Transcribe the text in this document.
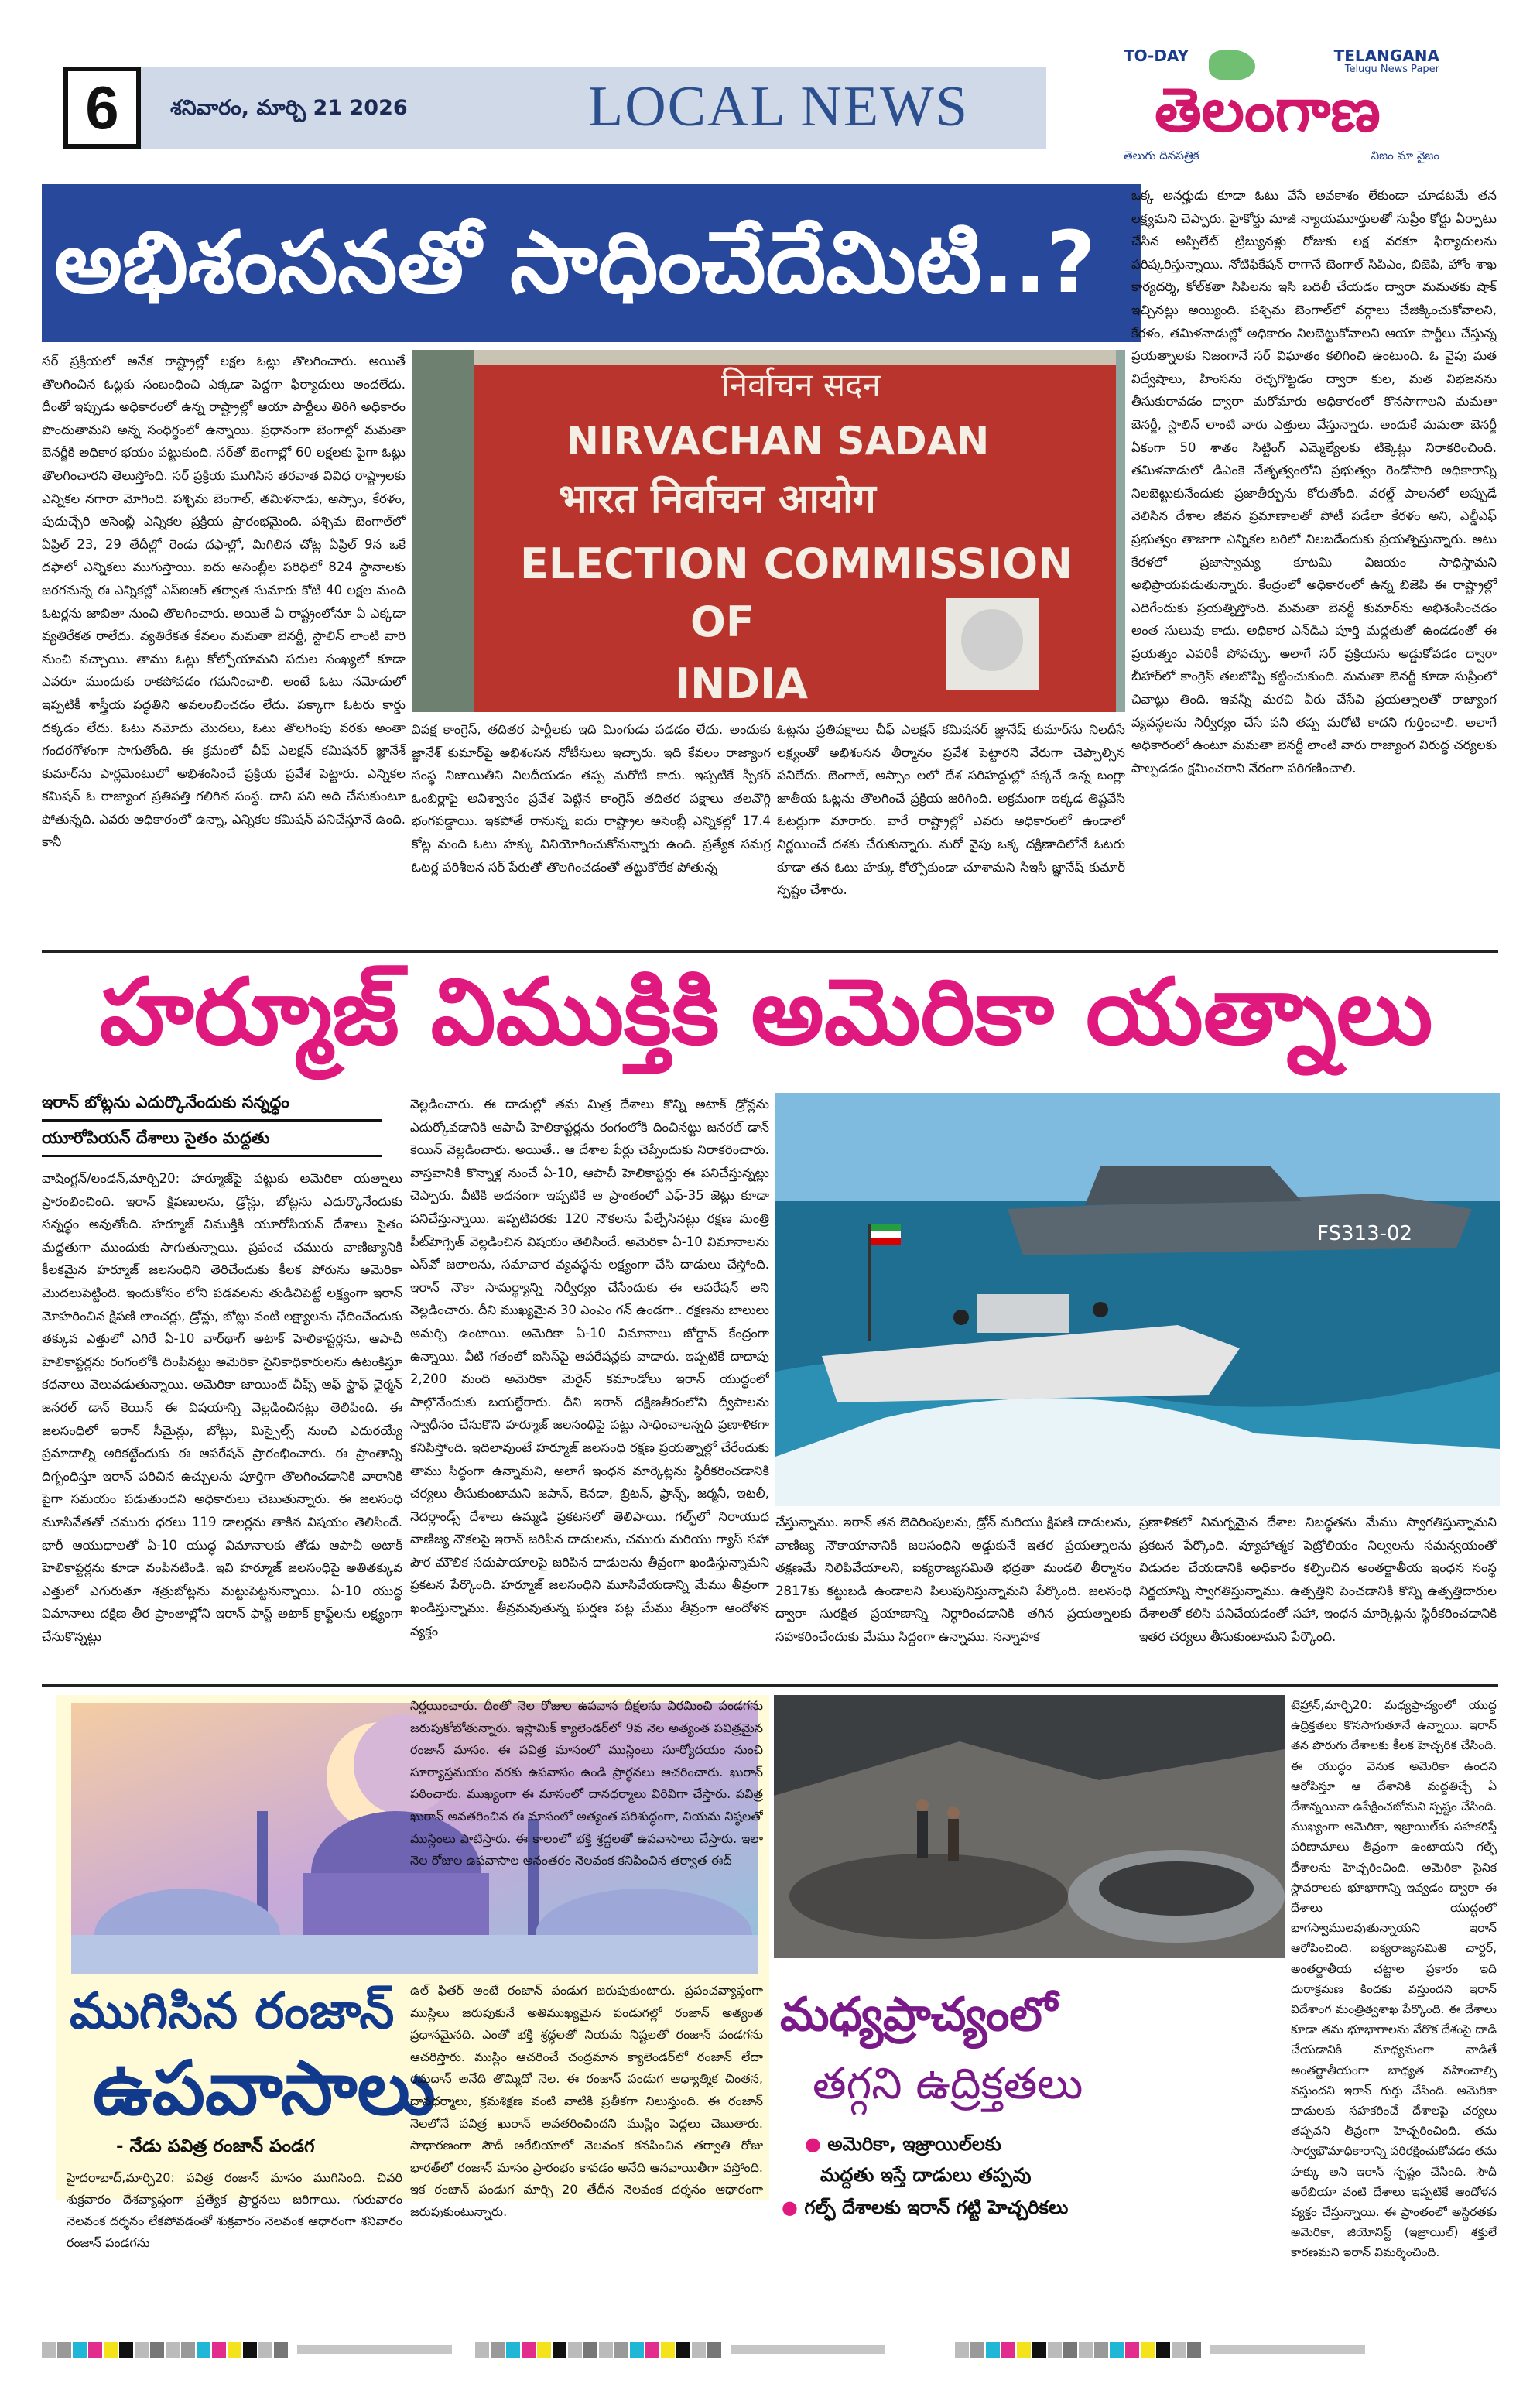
6	శనివారం, మార్చి 21 2026	LOCAL NEWS
TO-DAY	TELANGANA
Telugu News Paper
తెలంగాణ
తెలుగు దినపత్రిక	నిజం మా నైజం
అభిశంసనతో సాధించేదేమిటి..?
సర్ ప్రక్రియలో అనేక రాష్ట్రాల్లో లక్షల ఓట్లు తొలగించారు. అయితే తొలగించిన ఓట్లకు సంబంధించి ఎక్కడా పెద్దగా ఫిర్యాదులు అందలేదు. దీంతో ఇప్పుడు అధికారంలో ఉన్న రాష్ట్రాల్లో ఆయా పార్టీలు తిరిగి అధికారం పొందుతామని అన్న సంధిగ్ధంలో ఉన్నాయి. ప్రధానంగా బెంగాల్లో మమతా బెనర్జీకి అధికార భయం పట్టుకుంది. సర్‌తో బెంగాల్లో 60 లక్షలకు పైగా ఓట్లు తొలగించారని తెలుస్తోంది. సర్ ప్రక్రియ ముగిసిన తరవాత వివిధ రాష్ట్రాలకు ఎన్నికల నగారా మోగింది. పశ్చిమ బెంగాల్, తమిళనాడు, అస్సాం, కేరళం, పుదుచ్చేరి అసెంబ్లీ ఎన్నికల ప్రక్రియ ప్రారంభమైంది. పశ్చిమ బెంగాల్‌లో ఏప్రిల్ 23, 29 తేదీల్లో రెండు దఫాల్లో, మిగిలిన చోట్ల ఏప్రిల్ 9న ఒకే దఫాలో ఎన్నికలు ముగుస్తాయి. ఐదు అసెంబ్లీల పరిధిలో 824 స్థానాలకు జరగనున్న ఈ ఎన్నికల్లో ఎస్‌ఐఆర్ తర్వాత సుమారు కోటి 40 లక్షల మంది ఓటర్లను జాబితా నుంచి తొలగించారు. అయితే ఏ రాష్ట్రంలోనూ ఏ ఎక్కడా వ్యతిరేకత రాలేదు. వ్యతిరేకత కేవలం మమతా బెనర్జీ, స్టాలిన్ లాంటి వారి నుంచి వచ్చాయి. తాము ఓట్లు కోల్పోయామని పదుల సంఖ్యలో కూడా ఎవరూ ముందుకు రాకపోవడం గమనించాలి. అంటే ఓటు నమోదులో ఇప్పటికీ శాస్త్రీయ పద్ధతిని అవలంబించడం లేదు. పక్కాగా ఓటరు కార్డు దక్కడం లేదు. ఓటు నమోదు మొదలు, ఓటు తొలగింపు వరకు అంతా గందరగోళంగా సాగుతోంది. ఈ క్రమంలో చీఫ్ ఎలక్షన్ కమిషనర్ జ్ఞానేశ్ కుమార్‌ను పార్లమెంటులో అభిశంసించే ప్రక్రియ ప్రవేశ పెట్టారు. ఎన్నికల కమిషన్ ఓ రాజ్యాంగ ప్రతిపత్తి గలిగిన సంస్థ. దాని పని అది చేసుకుంటూ పోతున్నది. ఎవరు అధికారంలో ఉన్నా, ఎన్నికల కమిషన్ పనిచేస్తూనే ఉంది. కానీ
निर्वाचन सदन
NIRVACHAN SADAN
भारत निर्वाचन आयोग
ELECTION COMMISSION
OF
INDIA
విపక్ష కాంగ్రెస్, తదితర పార్టీలకు ఇది మింగుడు పడడం లేదు. అందుకు జ్ఞానేశ్ కుమార్‌పై అభిశంసన నోటీసులు ఇచ్చారు. ఇది కేవలం రాజ్యాంగ సంస్థ నిజాయితీని నిలదీయడం తప్ప మరోటి కాదు. ఇప్పటికే స్పీకర్ ఓంబిర్లాపై అవిశ్వాసం ప్రవేశ పెట్టిన కాంగ్రెస్ తదితర పక్షాలు తలవొగ్గి భంగపడ్డాయి. ఇకపోతే రానున్న ఐదు రాష్ట్రాల అసెంబ్లీ ఎన్నికల్లో 17.4 కోట్ల మంది ఓటు హక్కు వినియోగించుకోనున్నారు ఉంది. ప్రత్యేక సమగ్ర ఓటర్ల పరిశీలన సర్ పేరుతో తొలగించడంతో తట్టుకోలేక పోతున్న
ఓట్లను ప్రతిపక్షాలు చీఫ్ ఎలక్షన్ కమిషనర్ జ్ఞానేష్ కుమార్‌ను నిలదీసే లక్ష్యంతో అభిశంసన తీర్మానం ప్రవేశ పెట్టారని వేరుగా చెప్పాల్సిన పనిలేదు. బెంగాల్, అస్సాం లలో దేశ సరిహద్దుల్లో పక్కనే ఉన్న బంగ్లా జాతీయ ఓట్లను తొలగించే ప్రక్రియ జరిగింది. అక్రమంగా ఇక్కడ తిష్టవేసి ఓటర్లుగా మారారు. వారే రాష్ట్రాల్లో ఎవరు అధికారంలో ఉండాలో నిర్ణయించే దశకు చేరుకున్నారు. మరో వైపు ఒక్క దక్షిణాదిలోనే ఓటరు కూడా తన ఓటు హక్కు కోల్పోకుండా చూశామని సిఇసి జ్ఞానేష్ కుమార్ స్పష్టం చేశారు.
ఒక్క అనర్హుడు కూడా ఓటు వేసే అవకాశం లేకుండా చూడటమే తన లక్ష్యమని చెప్పారు. హైకోర్టు మాజీ న్యాయమూర్తులతో సుప్రీం కోర్టు ఏర్పాటు చేసిన అప్పిలేట్ ట్రిబ్యునళ్లు రోజుకు లక్ష వరకూ ఫిర్యాదులను పరిష్కరిస్తున్నాయి. నోటిఫికేషన్ రాగానే బెంగాల్ సిపిఎం, బిజెపి, హోం శాఖ కార్యదర్శి, కోల్‌కతా సిపిలను ఇసి బదిలీ చేయడం ద్వారా మమతకు షాక్ ఇచ్చినట్లు అయ్యింది. పశ్చిమ బెంగాల్‌లో వర్గాలు చేజిక్కించుకోవాలని, కేరళం, తమిళనాడుల్లో అధికారం నిలబెట్టుకోవాలని ఆయా పార్టీలు చేస్తున్న ప్రయత్నాలకు నిజంగానే సర్ విఘాతం కలిగించి ఉంటుంది. ఓ వైపు మత విద్వేషాలు, హింసను రెచ్చగొట్టడం ద్వారా కుల, మత విభజనను తీసుకురావడం ద్వారా మరోమారు అధికారంలో కొనసాగాలని మమతా బెనర్జీ, స్టాలిన్ లాంటి వారు ఎత్తులు వేస్తున్నారు. అందుకే మమతా బెనర్జీ ఏకంగా 50 శాతం సిట్టింగ్ ఎమ్మెల్యేలకు టిక్కెట్లు నిరాకరించింది. తమిళనాడులో డిఎంకె నేతృత్వంలోని ప్రభుత్వం రెండోసారి అధికారాన్ని నిలబెట్టుకునేందుకు ప్రజాతీర్పును కోరుతోంది. వరల్డ్ పాలనలో అప్పుడే వెలిసిన దేశాల జీవన ప్రమాణాలతో పోటీ పడేలా కేరళం అని, ఎల్డీఎఫ్ ప్రభుత్వం తాజాగా ఎన్నికల బరిలో నిలబడేందుకు ప్రయత్నిస్తున్నారు. అటు కేరళలో ప్రజాస్వామ్య కూటమి విజయం సాధిస్తామని అభిప్రాయపడుతున్నారు. కేంద్రంలో అధికారంలో ఉన్న బిజెపి ఈ రాష్ట్రాల్లో ఎదిగేందుకు ప్రయత్నిస్తోంది. మమతా బెనర్జీ కుమార్‌ను అభిశంసించడం అంత సులువు కాదు. అధికార ఎన్‌డిఎ పూర్తి మద్దతుతో ఉండడంతో ఈ ప్రయత్నం ఎవరికీ పోవచ్చు. అలాగే సర్ ప్రక్రియను అడ్డుకోవడం ద్వారా బీహార్‌లో కాంగ్రెస్ తలబొప్పి కట్టించుకుంది. మమతా బెనర్జీ కూడా సుప్రీంలో చివాట్లు తింది. ఇవన్నీ మరచి వీరు చేసేవి ప్రయత్నాలతో రాజ్యాంగ వ్యవస్థలను నిర్వీర్యం చేసే పని తప్ప మరోటి కాదని గుర్తించాలి. అలాగే అధికారంలో ఉంటూ మమతా బెనర్జీ లాంటి వారు రాజ్యాంగ విరుద్ధ చర్యలకు పాల్పడడం క్షమించరాని నేరంగా పరిగణించాలి.
హర్మూజ్ విముక్తికి అమెరికా యత్నాలు
ఇరాన్ బోట్లను ఎదుర్కొనేందుకు సన్నద్ధం
యూరోపియన్ దేశాలు సైతం మద్దతు
వాషింగ్టన్/లండన్,మార్చి20: హర్మూజ్‌పై పట్టుకు అమెరికా యత్నాలు ప్రారంభించింది. ఇరాన్ క్షిపణులను, డ్రోన్లు, బోట్లను ఎదుర్కొనేందుకు సన్నద్ధం అవుతోంది. హర్మూజ్ విముక్తికి యూరోపియన్ దేశాలు సైతం మద్దతుగా ముందుకు సాగుతున్నాయి. ప్రపంచ చమురు వాణిజ్యానికి కీలకమైన హర్మూజ్ జలసంధిని తెరిచేందుకు కీలక పోరును అమెరికా మొదలుపెట్టింది. ఇందుకోసం లోని పడవలను తుడిచిపెట్టే లక్ష్యంగా ఇరాన్ మోహరించిన క్షిపణి లాంచర్లు, డ్రోన్లు, బోట్లు వంటి లక్ష్యాలను ఛేదించేందుకు తక్కువ ఎత్తులో ఎగిరే ఏ-10 వార్‌థాగ్ అటాక్ హెలికాప్టర్లను, ఆపాచీ హెలికాప్టర్లను రంగంలోకి దింపినట్టు అమెరికా సైనికాధికారులను ఉటంకిస్తూ కథనాలు వెలువడుతున్నాయి. అమెరికా జాయింట్ చీఫ్స్ ఆఫ్ స్టాఫ్ ఛైర్మన్ జనరల్ డాన్ కెయిన్ ఈ విషయాన్ని వెల్లడించినట్లు తెలిపింది. ఈ జలసంధిలో ఇరాన్ సీమైన్లు, బోట్లు, మిస్సైల్స్ నుంచి ఎదురయ్యే ప్రమాదాల్ని అరికట్టేందుకు ఈ ఆపరేషన్ ప్రారంభించారు. ఈ ప్రాంతాన్ని దిగ్బంధిస్తూ ఇరాన్ పరిచిన ఉచ్చులను పూర్తిగా తొలగించడానికి వారానికి పైగా సమయం పడుతుందని అధికారులు చెబుతున్నారు. ఈ జలసంధి మూసివేతతో చమురు ధరలు 119 డాలర్లను తాకిన విషయం తెలిసిందే. భారీ ఆయుధాలతో ఏ-10 యుద్ధ విమానాలకు తోడు ఆపాచీ అటాక్ హెలికాప్టర్లను కూడా వంపినటిండి. ఇవి హర్మూజ్ జలసంధిపై అతితక్కువ ఎత్తులో ఎగురుతూ శత్రుబోట్లను మట్టుపెట్టనున్నాయి. ఏ-10 యుద్ధ విమానాలు దక్షిణ తీర ప్రాంతాల్లోని ఇరాన్ ఫాస్ట్ అటాక్ క్రాఫ్ట్‌లను లక్ష్యంగా చేసుకొన్నట్లు
వెల్లడించారు. ఈ దాడుల్లో తమ మిత్ర దేశాలు కొన్ని అటాక్ డ్రోన్లను ఎదుర్కోవడానికి ఆపాచీ హెలికాప్టర్లను రంగంలోకి దించినట్టు జనరల్ డాన్ కెయిన్ వెల్లడించారు. అయితే.. ఆ దేశాల పేర్లు చెప్పేందుకు నిరాకరించారు. వాస్తవానికి కొన్నాళ్ల నుంచే ఏ-10, ఆపాచీ హెలికాప్టర్లు ఈ పనిచేస్తున్నట్లు చెప్పారు. వీటికి అదనంగా ఇప్పటికే ఆ ప్రాంతంలో ఎఫ్-35 జెట్లు కూడా పనిచేస్తున్నాయి. ఇప్పటివరకు 120 నౌకలను పేల్చేసినట్లు రక్షణ మంత్రి పీట్‌హెగ్సెత్ వెల్లడించిన విషయం తెలిసిందే. అమెరికా ఏ-10 విమానాలను ఎస్‌వో జలాలను, సమాచార వ్యవస్థను లక్ష్యంగా చేసి దాడులు చేస్తోంది. ఇరాన్ నౌకా సామర్థ్యాన్ని నిర్వీర్యం చేసేందుకు ఈ ఆపరేషన్ అని వెల్లడించారు. దీని ముఖ్యమైన 30 ఎంఎం గన్ ఉండగా.. రక్షణను బాలులు అమర్చి ఉంటాయి. అమెరికా ఏ-10 విమానాలు జోర్డాన్ కేంద్రంగా ఉన్నాయి. వీటి గతంలో ఐసిస్‌పై ఆపరేషన్లకు వాడారు. ఇప్పటికే దాదాపు 2,200 మంది అమెరికా మెరైన్ కమాండోలు ఇరాన్ యుద్ధంలో పాల్గొనేందుకు బయల్దేరారు. దీని ఇరాన్ దక్షిణతీరంలోని ద్వీపాలను స్వాధీనం చేసుకొని హర్మూజ్ జలసంధిపై పట్టు సాధించాలన్నది ప్రణాళికగా కనిపిస్తోంది. ఇదిలావుంటే హర్మూజ్ జలసంధి రక్షణ ప్రయత్నాల్లో చేరేందుకు తాము సిద్ధంగా ఉన్నామని, అలాగే ఇంధన మార్కెట్లను స్థిరీకరించడానికి చర్యలు తీసుకుంటామని జపాన్, కెనడా, బ్రిటన్, ఫ్రాన్స్, జర్మనీ, ఇటలీ, నెదర్లాండ్స్ దేశాలు ఉమ్మడి ప్రకటనలో తెలిపాయి. గల్ఫ్‌లో నిరాయుధ వాణిజ్య నౌకలపై ఇరాన్ జరిపిన దాడులను, చమురు మరియు గ్యాస్ సహా పౌర మౌలిక సదుపాయాలపై జరిపిన దాడులను తీవ్రంగా ఖండిస్తున్నామని ప్రకటన పేర్కొంది. హర్మూజ్ జలసంధిని మూసివేయడాన్ని మేము తీవ్రంగా ఖండిస్తున్నాము. తీవ్రమవుతున్న ఘర్షణ పట్ల మేము తీవ్రంగా ఆందోళన వ్యక్తం
FS313-02
చేస్తున్నాము. ఇరాన్ తన బెదిరింపులను, డ్రోన్ మరియు క్షిపణి దాడులను, వాణిజ్య నౌకాయానానికి జలసంధిని అడ్డుకునే ఇతర ప్రయత్నాలను తక్షణమే నిలిపివేయాలని, ఐక్యరాజ్యసమితి భద్రతా మండలి తీర్మానం 2817కు కట్టుబడి ఉండాలని పిలుపునిస్తున్నామని పేర్కొంది. జలసంధి ద్వారా సురక్షిత ప్రయాణాన్ని నిర్ధారించడానికి తగిన ప్రయత్నాలకు సహకరించేందుకు మేము సిద్ధంగా ఉన్నాము. సన్నాహక
ప్రణాళికలో నిమగ్నమైన దేశాల నిబద్ధతను మేము స్వాగతిస్తున్నామని ప్రకటన పేర్కొంది. వ్యూహాత్మక పెట్రోలియం నిల్వలను సమన్వయంతో విడుదల చేయడానికి అధికారం కల్పించిన అంతర్జాతీయ ఇంధన సంస్థ నిర్ణయాన్ని స్వాగతిస్తున్నాము. ఉత్పత్తిని పెంచడానికి కొన్ని ఉత్పత్తిదారుల దేశాలతో కలిసి పనిచేయడంతో సహా, ఇంధన మార్కెట్లను స్థిరీకరించడానికి ఇతర చర్యలు తీసుకుంటామని పేర్కొంది.
ముగిసిన రంజాన్
ఉపవాసాలు
- నేడు పవిత్ర రంజాన్ పండగ
హైదరాబాద్,మార్చి20: పవిత్ర రంజాన్ మాసం ముగిసింది. చివరి శుక్రవారం దేశవ్యాప్తంగా ప్రత్యేక ప్రార్థనలు జరిగాయి. గురువారం నెలవంక దర్శనం లేకపోవడంతో శుక్రవారం నెలవంక ఆధారంగా శనివారం రంజాన్ పండగను
నిర్ణయించారు. దీంతో నెల రోజుల ఉపవాస దీక్షలను విరమించి పండగను జరుపుకోబోతున్నారు. ఇస్లామిక్ క్యాలెండర్‌లో 9వ నెల అత్యంత పవిత్రమైన రంజాన్ మాసం. ఈ పవిత్ర మాసంలో ముస్లింలు సూర్యోదయం నుంచి సూర్యాస్తమయం వరకు ఉపవాసం ఉండి ప్రార్థనలు ఆచరించారు. ఖురాన్ పఠించారు. ముఖ్యంగా ఈ మాసంలో దానధర్మాలు విరివిగా చేస్తారు. పవిత్ర ఖురాన్ అవతరించిన ఈ మాసంలో అత్యంత పరిశుద్ధంగా, నియమ నిష్ఠలతో ముస్లింలు పాటిస్తారు. ఈ కాలంలో భక్తి శ్రద్ధలతో ఉపవాసాలు చేస్తారు. ఇలా నెల రోజుల ఉపవాసాల అనంతరం నెలవంక కనిపించిన తర్వాత ఈద్
ఉల్ ఫితర్ అంటే రంజాన్ పండుగ జరుపుకుంటారు. ప్రపంచవ్యాప్తంగా ముస్లిలు జరుపుకునే అతిముఖ్యమైన పండుగల్లో రంజాన్ అత్యంత ప్రధానమైనది. ఎంతో భక్తి శ్రద్ధలతో నియమ నిష్టలతో రంజాన్ పండగను ఆచరిస్తారు. ముస్లిం ఆచరించే చంద్రమాన క్యాలెండర్‌లో రంజాన్ లేదా రమదాన్ అనేది తొమ్మిదో నెల. ఈ రంజాన్ పండుగ ఆధ్యాత్మిక చింతన, దానధర్మాలు, క్రమశిక్షణ వంటి వాటికి ప్రతీకగా నిలుస్తుంది. ఈ రంజాన్ నెలలోనే పవిత్ర ఖురాన్ అవతరించిందని ముస్లిం పెద్దలు చెబుతారు. సాధారణంగా సౌదీ అరేబియాలో నెలవంక కనపించిన తర్వాతి రోజు భారత్‌లో రంజాన్ మాసం ప్రారంభం కావడం అనేది ఆనవాయితీగా వస్తోంది. ఇక రంజాన్ పండుగ మార్చి 20 తేదీన నెలవంక దర్శనం ఆధారంగా జరుపుకుంటున్నారు.
మధ్యప్రాచ్యంలో
తగ్గని ఉద్రిక్తతలు
● అమెరికా, ఇజ్రాయిల్‌లకు
మద్దతు ఇస్తే దాడులు తప్పవు
● గల్ఫ్ దేశాలకు ఇరాన్ గట్టి హెచ్చరికలు
టెహ్రాన్,మార్చి20: మధ్యప్రాచ్యంలో యుద్ధ ఉద్రిక్తతలు కొనసాగుతూనే ఉన్నాయి. ఇరాన్ తన పొరుగు దేశాలకు కీలక హెచ్చరిక చేసింది. ఈ యుద్ధం వెనుక అమెరికా ఉందని ఆరోపిస్తూ ఆ దేశానికి మద్దతిచ్చే ఏ దేశాన్నయినా ఉపేక్షించబోమని స్పష్టం చేసింది. ముఖ్యంగా అమెరికా, ఇజ్రాయిల్‌కు సహకరిస్తే పరిణామాలు తీవ్రంగా ఉంటాయని గల్ఫ్ దేశాలను హెచ్చరించింది. అమెరికా సైనిక స్థావరాలకు భూభాగాన్ని ఇవ్వడం ద్వారా ఈ దేశాలు యుద్ధంలో భాగస్వాములవుతున్నాయని ఇరాన్ ఆరోపించింది. ఐక్యరాజ్యసమితి చార్టర్, అంతర్జాతీయ చట్టాల ప్రకారం ఇది దురాక్రమణ కిందకు వస్తుందని ఇరాన్ విదేశాంగ మంత్రిత్వశాఖ పేర్కొంది. ఈ దేశాలు కూడా తమ భూభాగాలను వేరొక దేశంపై దాడి చేయడానికి మాధ్యమంగా వాడితే అంతర్జాతీయంగా బాధ్యత వహించాల్సి వస్తుందని ఇరాన్ గుర్తు చేసింది. అమెరికా దాడులకు సహకరించే దేశాలపై చర్యలు తప్పవని తీవ్రంగా హెచ్చరించింది. తమ సార్వభౌమాధికారాన్ని పరిరక్షించుకోవడం తమ హక్కు అని ఇరాన్ స్పష్టం చేసింది. సౌదీ అరేబియా వంటి దేశాలు ఇప్పటికే ఆందోళన వ్యక్తం చేస్తున్నాయి. ఈ ప్రాంతంలో అస్థిరతకు అమెరికా, జియోనిస్ట్ (ఇజ్రాయిల్) శక్తులే కారణమని ఇరాన్ విమర్శించింది.
